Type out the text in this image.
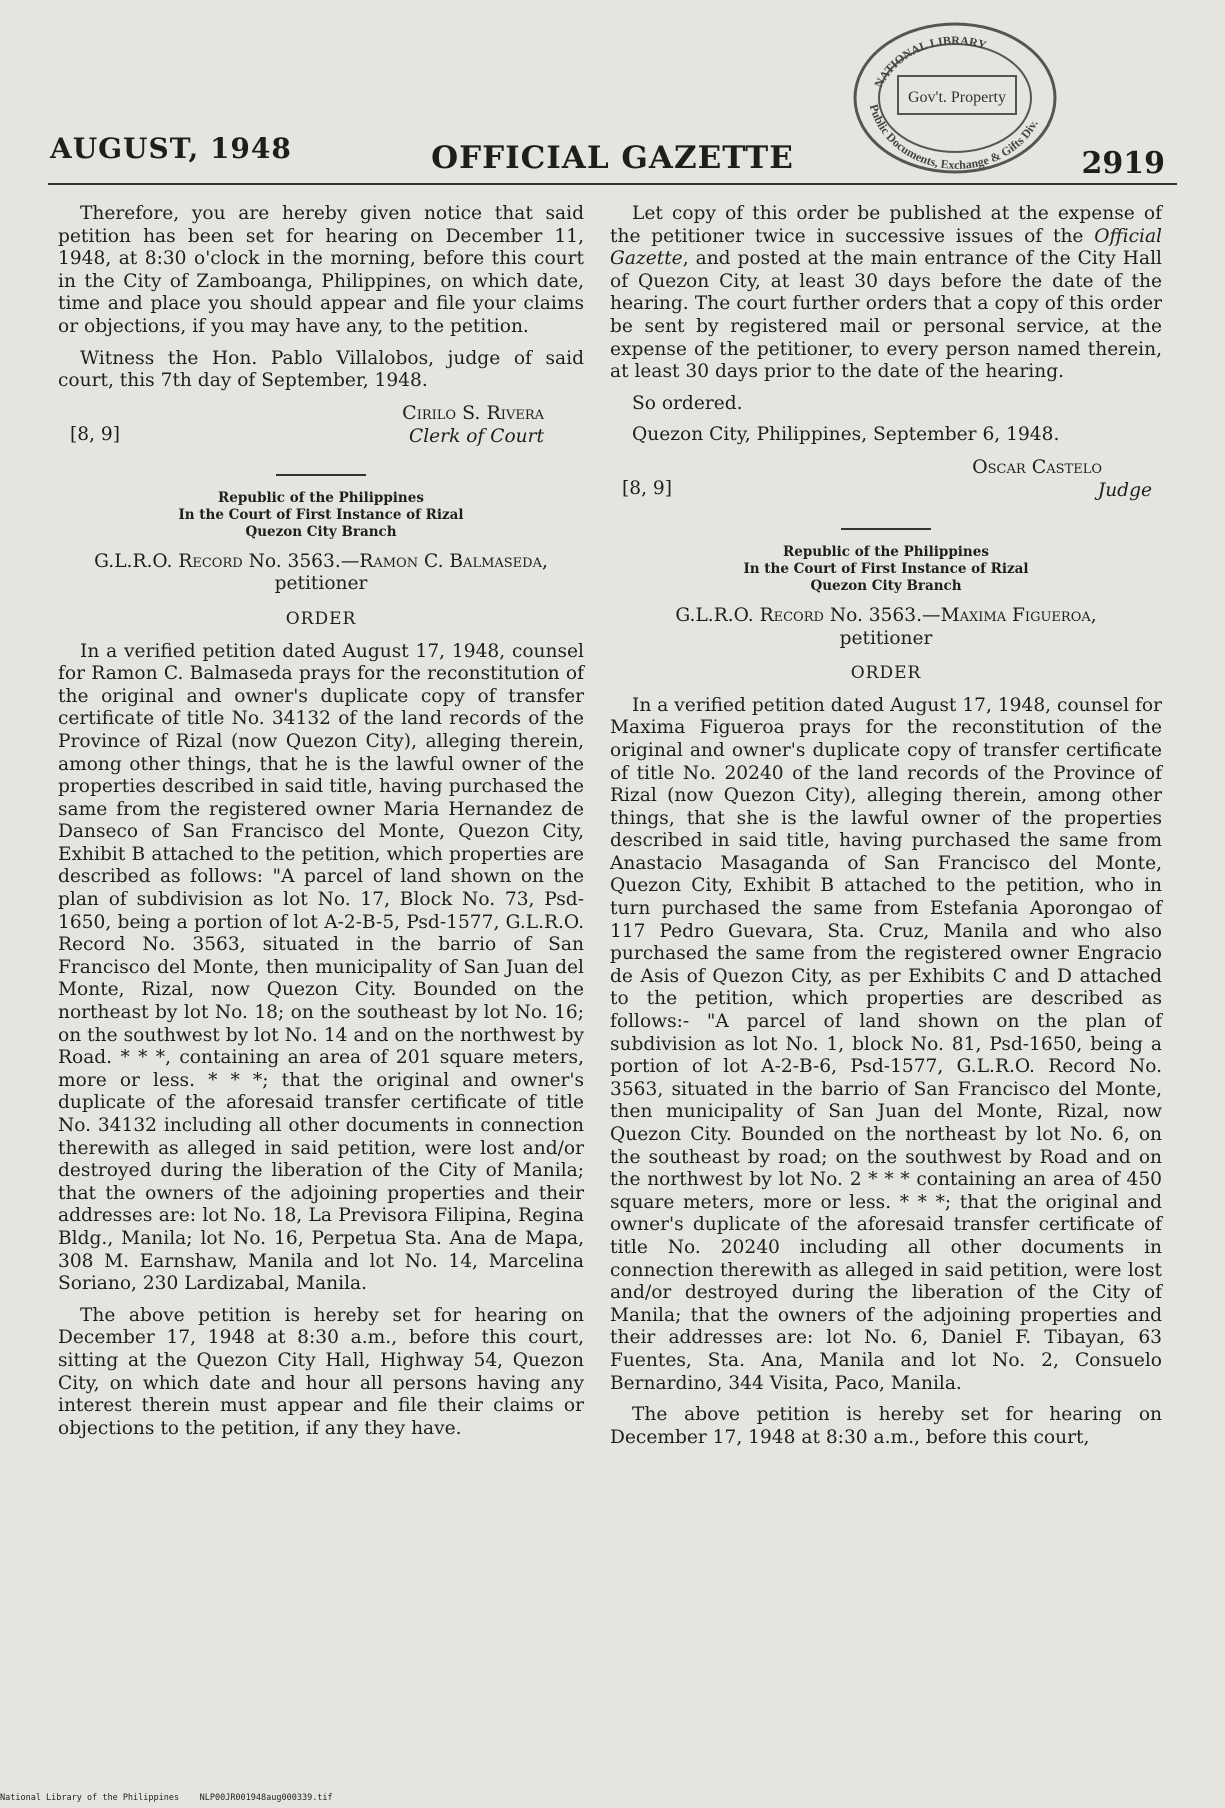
AUGUST, 1948	OFFICIAL GAZETTE	2919
Gov't. Property
NATIONAL LIBRARY
Public Documents, Exchange & Gifts Div.

Therefore, you are hereby given notice that said petition has been set for hearing on December 11, 1948, at 8:30 o'clock in the morning, before this court in the City of Zamboanga, Philippines, on which date, time and place you should appear and file your claims or objections, if you may have any, to the petition.

Witness the Hon. Pablo Villalobos, judge of said court, this 7th day of September, 1948.

Cirilo S. Rivera
Clerk of Court
[8, 9]
Republic of the Philippines
In the Court of First Instance of Rizal
Quezon City Branch
G.L.R.O. Record No. 3563.—Ramon C. Balmaseda,
petitioner
ORDER

In a verified petition dated August 17, 1948, counsel for Ramon C. Balmaseda prays for the reconstitution of the original and owner's duplicate copy of transfer certificate of title No. 34132 of the land records of the Province of Rizal (now Quezon City), alleging therein, among other things, that he is the lawful owner of the properties described in said title, having purchased the same from the registered owner Maria Hernandez de Danseco of San Francisco del Monte, Quezon City, Exhibit B attached to the petition, which properties are described as follows: "A parcel of land shown on the plan of subdivision as lot No. 17, Block No. 73, Psd-1650, being a portion of lot A-2-B-5, Psd-1577, G.L.R.O. Record No. 3563, situated in the barrio of San Francisco del Monte, then municipality of San Juan del Monte, Rizal, now Quezon City. Bounded on the northeast by lot No. 18; on the southeast by lot No. 16; on the southwest by lot No. 14 and on the northwest by Road. * * *, containing an area of 201 square meters, more or less. * * *; that the original and owner's duplicate of the aforesaid transfer certificate of title No. 34132 including all other documents in connection therewith as alleged in said petition, were lost and/or destroyed during the liberation of the City of Manila; that the owners of the adjoining properties and their addresses are: lot No. 18, La Previsora Filipina, Regina Bldg., Manila; lot No. 16, Perpetua Sta. Ana de Mapa, 308 M. Earnshaw, Manila and lot No. 14, Marcelina Soriano, 230 Lardizabal, Manila.

The above petition is hereby set for hearing on December 17, 1948 at 8:30 a.m., before this court, sitting at the Quezon City Hall, Highway 54, Quezon City, on which date and hour all persons having any interest therein must appear and file their claims or objections to the petition, if any they have.

Let copy of this order be published at the expense of the petitioner twice in successive issues of the Official Gazette, and posted at the main entrance of the City Hall of Quezon City, at least 30 days before the date of the hearing. The court further orders that a copy of this order be sent by registered mail or personal service, at the expense of the petitioner, to every person named therein, at least 30 days prior to the date of the hearing.

So ordered.

Quezon City, Philippines, September 6, 1948.

Oscar Castelo
Judge
[8, 9]
Republic of the Philippines
In the Court of First Instance of Rizal
Quezon City Branch
G.L.R.O. Record No. 3563.—Maxima Figueroa,
petitioner
ORDER

In a verified petition dated August 17, 1948, counsel for Maxima Figueroa prays for the reconstitution of the original and owner's duplicate copy of transfer certificate of title No. 20240 of the land records of the Province of Rizal (now Quezon City), alleging therein, among other things, that she is the lawful owner of the properties described in said title, having purchased the same from Anastacio Masaganda of San Francisco del Monte, Quezon City, Exhibit B attached to the petition, who in turn purchased the same from Estefania Aporongao of 117 Pedro Guevara, Sta. Cruz, Manila and who also purchased the same from the registered owner Engracio de Asis of Quezon City, as per Exhibits C and D attached to the petition, which properties are described as follows:- "A parcel of land shown on the plan of subdivision as lot No. 1, block No. 81, Psd-1650, being a portion of lot A-2-B-6, Psd-1577, G.L.R.O. Record No. 3563, situated in the barrio of San Francisco del Monte, then municipality of San Juan del Monte, Rizal, now Quezon City. Bounded on the northeast by lot No. 6, on the southeast by road; on the southwest by Road and on the northwest by lot No. 2 * * * containing an area of 450 square meters, more or less. * * *; that the original and owner's duplicate of the aforesaid transfer certificate of title No. 20240 including all other documents in connection therewith as alleged in said petition, were lost and/or destroyed during the liberation of the City of Manila; that the owners of the adjoining properties and their addresses are: lot No. 6, Daniel F. Tibayan, 63 Fuentes, Sta. Ana, Manila and lot No. 2, Consuelo Bernardino, 344 Visita, Paco, Manila.

The above petition is hereby set for hearing on December 17, 1948 at 8:30 a.m., before this court,

National Library of the Philippines NLP00JR001948aug000339.tif
